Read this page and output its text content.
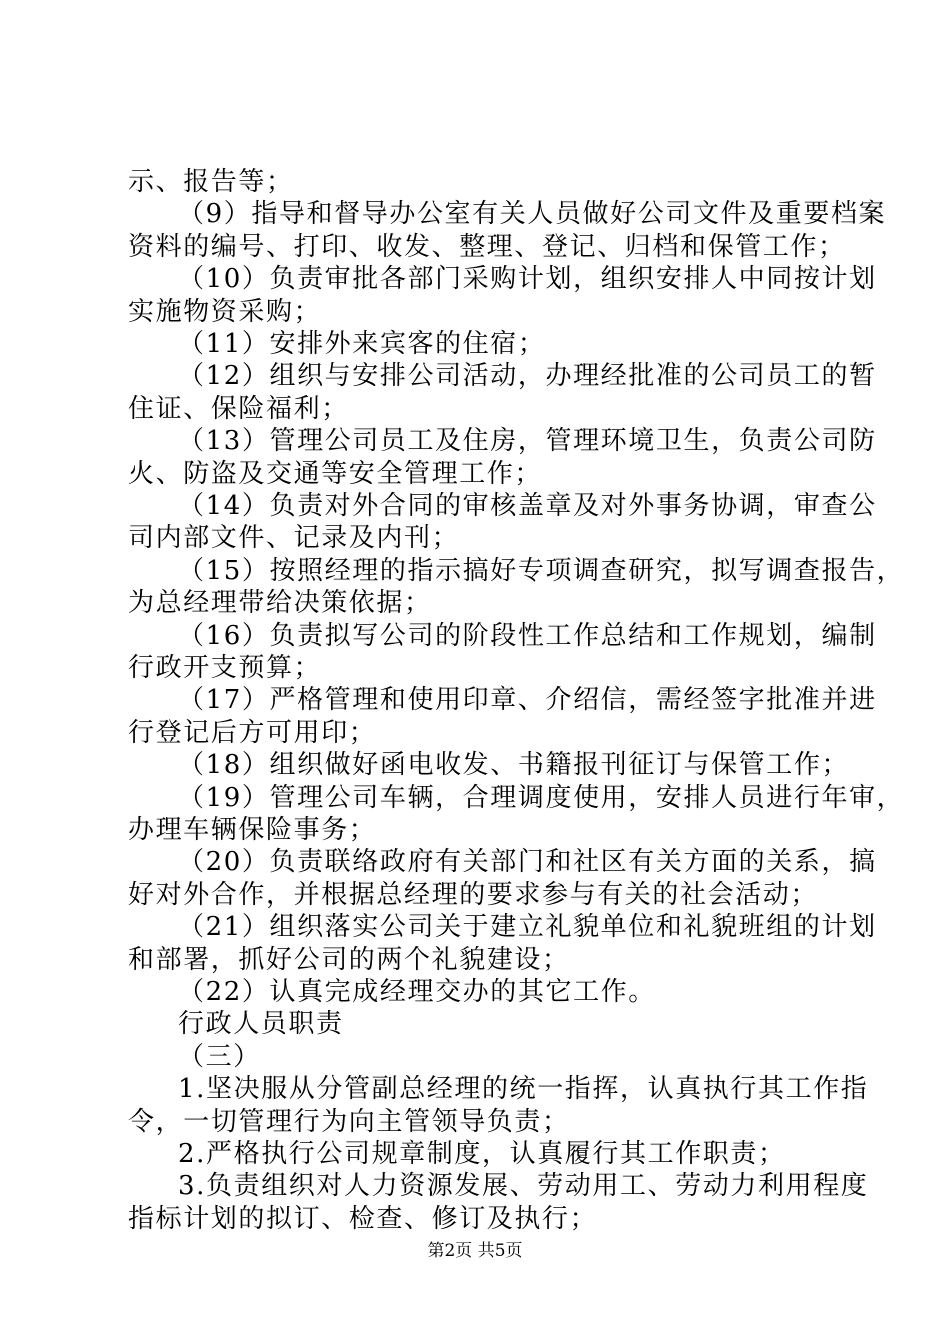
示、报告等；
（9）指导和督导办公室有关人员做好公司文件及重要档案
资料的编号、打印、收发、整理、登记、归档和保管工作；
（10）负责审批各部门采购计划，组织安排人中同按计划
实施物资采购；
（11）安排外来宾客的住宿；
（12）组织与安排公司活动，办理经批准的公司员工的暂
住证、保险福利；
（13）管理公司员工及住房，管理环境卫生，负责公司防
火、防盗及交通等安全管理工作；
（14）负责对外合同的审核盖章及对外事务协调，审查公
司内部文件、记录及内刊；
（15）按照经理的指示搞好专项调查研究，拟写调查报告，
为总经理带给决策依据；
（16）负责拟写公司的阶段性工作总结和工作规划，编制
行政开支预算；
（17）严格管理和使用印章、介绍信，需经签字批准并进
行登记后方可用印；
（18）组织做好函电收发、书籍报刊征订与保管工作；
（19）管理公司车辆，合理调度使用，安排人员进行年审，
办理车辆保险事务；
（20）负责联络政府有关部门和社区有关方面的关系，搞
好对外合作，并根据总经理的要求参与有关的社会活动；
（21）组织落实公司关于建立礼貌单位和礼貌班组的计划
和部署，抓好公司的两个礼貌建设；
（22）认真完成经理交办的其它工作。
行政人员职责
（三）
1.坚决服从分管副总经理的统一指挥，认真执行其工作指
令，一切管理行为向主管领导负责；
2.严格执行公司规章制度，认真履行其工作职责；
3.负责组织对人力资源发展、劳动用工、劳动力利用程度
指标计划的拟订、检查、修订及执行；
第2页 共5页
